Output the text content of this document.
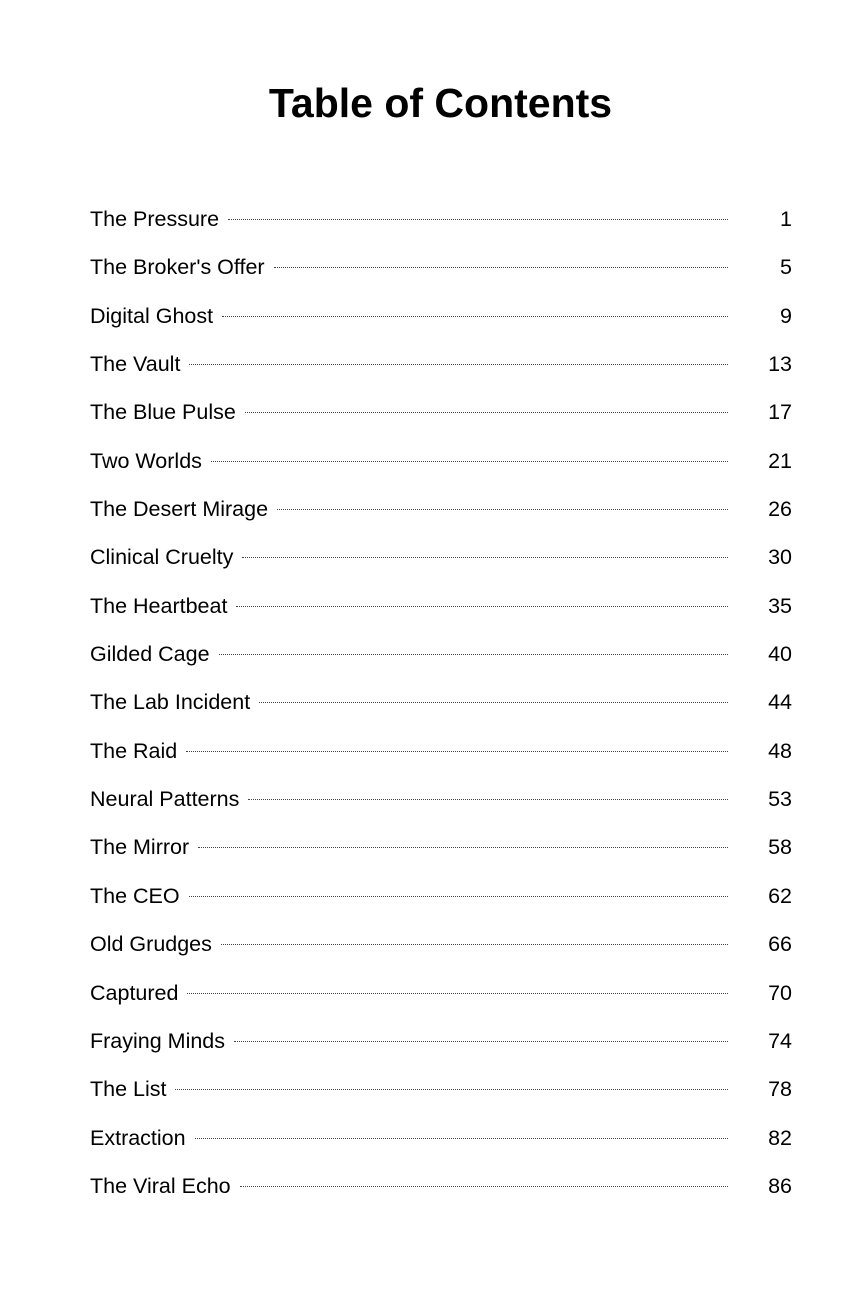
Table of Contents
The Pressure	1
The Broker's Offer	5
Digital Ghost	9
The Vault	13
The Blue Pulse	17
Two Worlds	21
The Desert Mirage	26
Clinical Cruelty	30
The Heartbeat	35
Gilded Cage	40
The Lab Incident	44
The Raid	48
Neural Patterns	53
The Mirror	58
The CEO	62
Old Grudges	66
Captured	70
Fraying Minds	74
The List	78
Extraction	82
The Viral Echo	86
